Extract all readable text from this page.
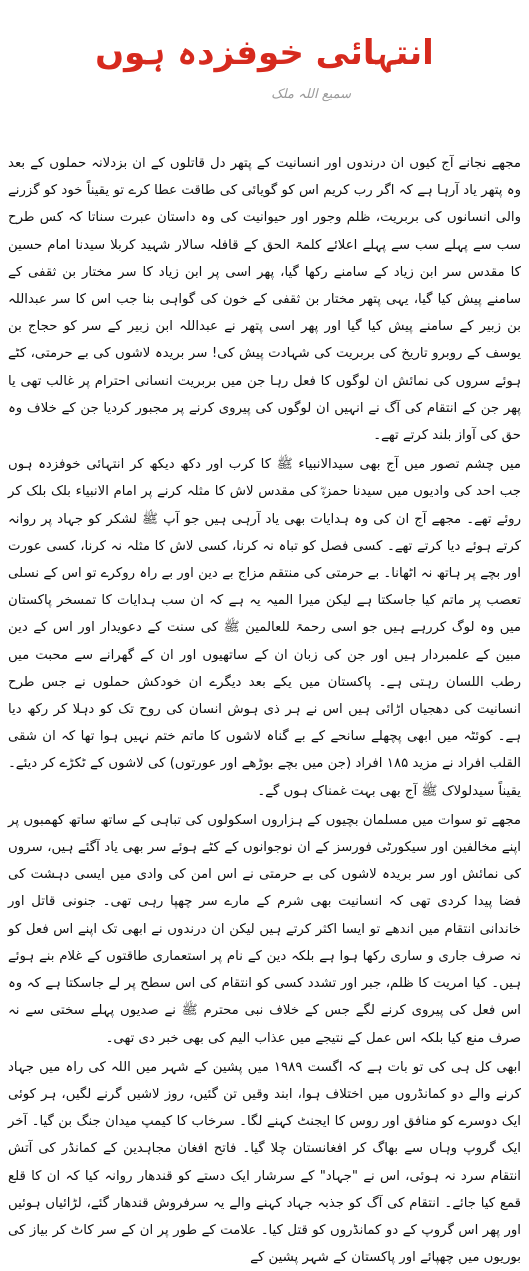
انتہائی خوفزدہ ہوں
سمیع اللہ ملک

مجھے نجانے آج کیوں ان درندوں اور انسانیت کے پتھر دل قاتلوں کے ان بزدلانہ حملوں کے بعد وہ پتھر یاد آرہا ہے کہ اگر رب کریم اس کو گویائی کی طاقت عطا کرے تو یقیناً خود کو گزرنے والی انسانوں کی بربریت، ظلم وجور اور حیوانیت کی وہ داستان عبرت سناتا کہ کس طرح سب سے پہلے سب سے پہلے اعلائے کلمۃ الحق کے قافلہ سالار شہید کربلا سیدنا امام حسین کا مقدس سر ابن زیاد کے سامنے رکھا گیا، پھر اسی پر ابن زیاد کا سر مختار بن ثقفی کے سامنے پیش کیا گیا، یہی پتھر مختار بن ثقفی کے خون کی گواہی بنا جب اس کا سر عبداللہ بن زبیر کے سامنے پیش کیا گیا اور پھر اسی پتھر نے عبداللہ ابن زبیر کے سر کو حجاج بن یوسف کے روبرو تاریخ کی بربریت کی شہادت پیش کی! سر بریدہ لاشوں کی بے حرمتی، کٹے ہوئے سروں کی نمائش ان لوگوں کا فعل رہا جن میں بربریت انسانی احترام پر غالب تھی یا پھر جن کے انتقام کی آگ نے انہیں ان لوگوں کی پیروی کرنے پر مجبور کردیا جن کے خلاف وہ حق کی آواز بلند کرتے تھے۔

میں چشم تصور میں آج بھی سیدالانبیاء ﷺ کا کرب اور دکھ دیکھ کر انتہائی خوفزدہ ہوں جب احد کی وادیوں میں سیدنا حمزہؓ کی مقدس لاش کا مثلہ کرنے پر امام الانبیاء بلک بلک کر روئے تھے۔ مجھے آج ان کی وہ ہدایات بھی یاد آرہی ہیں جو آپ ﷺ لشکر کو جہاد پر روانہ کرتے ہوئے دیا کرتے تھے۔ کسی فصل کو تباہ نہ کرنا، کسی لاش کا مثلہ نہ کرنا، کسی عورت اور بچے پر ہاتھ نہ اٹھانا۔ بے حرمتی کی منتقم مزاج بے دین اور بے راہ روکرے تو اس کے نسلی تعصب پر ماتم کیا جاسکتا ہے لیکن میرا المیہ یہ ہے کہ ان سب ہدایات کا تمسخر پاکستان میں وہ لوگ کررہے ہیں جو اسی رحمۃ للعالمین ﷺ کی سنت کے دعویدار اور اس کے دین مبین کے علمبردار ہیں اور جن کی زبان ان کے ساتھیوں اور ان کے گھرانے سے محبت میں رطب اللسان رہتی ہے۔ پاکستان میں یکے بعد دیگرے ان خودکش حملوں نے جس طرح انسانیت کی دھجیاں اڑائی ہیں اس نے ہر ذی ہوش انسان کی روح تک کو دہلا کر رکھ دیا ہے۔ کوئٹہ میں ابھی پچھلے سانحے کے بے گناہ لاشوں کا ماتم ختم نہیں ہوا تھا کہ ان شقی القلب افراد نے مزید ۱۸۵ افراد (جن میں بچے بوڑھے اور عورتوں) کی لاشوں کے ٹکڑے کر دیئے۔ یقیناً سیدلولاک ﷺ آج بھی بہت غمناک ہوں گے۔

مجھے تو سوات میں مسلمان بچیوں کے ہزاروں اسکولوں کی تباہی کے ساتھ ساتھ کھمبوں پر اپنے مخالفین اور سیکورٹی فورسز کے ان نوجوانوں کے کٹے ہوئے سر بھی یاد آگئے ہیں، سروں کی نمائش اور سر بریدہ لاشوں کی بے حرمتی نے اس امن کی وادی میں ایسی دہشت کی فضا پیدا کردی تھی کہ انسانیت بھی شرم کے مارے سر چھپا رہی تھی۔ جنونی قاتل اور خاندانی انتقام میں اندھے تو ایسا اکثر کرتے ہیں لیکن ان درندوں نے ابھی تک اپنے اس فعل کو نہ صرف جاری و ساری رکھا ہوا ہے بلکہ دین کے نام پر استعماری طاقتوں کے غلام بنے ہوئے ہیں۔ کیا امریت کا ظلم، جبر اور تشدد کسی کو انتقام کی اس سطح پر لے جاسکتا ہے کہ وہ اس فعل کی پیروی کرنے لگے جس کے خلاف نبی محترم ﷺ نے صدیوں پہلے سختی سے نہ صرف منع کیا بلکہ اس عمل کے نتیجے میں عذاب الیم کی بھی خبر دی تھی۔

ابھی کل ہی کی تو بات ہے کہ اگست ۱۹۸۹ میں پشین کے شہر میں اللہ کی راہ میں جہاد کرنے والے دو کمانڈروں میں اختلاف ہوا، ابند وقیں تن گئیں، روز لاشیں گرنے لگیں، ہر کوئی ایک دوسرے کو منافق اور روس کا ایجنٹ کہنے لگا۔ سرخاب کا کیمپ میدان جنگ بن گیا۔ آخر ایک گروپ وہاں سے بھاگ کر افغانستان چلا گیا۔ فاتح افغان مجاہدین کے کمانڈر کی آتش انتقام سرد نہ ہوئی، اس نے "جہاد" کے سرشار ایک دستے کو قندھار روانہ کیا کہ ان کا قلع قمع کیا جائے۔ انتقام کی آگ کو جذبہ جہاد کہنے والے یہ سرفروش قندھار گئے، لڑائیاں ہوئیں اور پھر اس گروپ کے دو کمانڈروں کو قتل کیا۔ علامت کے طور پر ان کے سر کاٹ کر بیاز کی بوریوں میں چھپائے اور پاکستان کے شہر پشین کے
